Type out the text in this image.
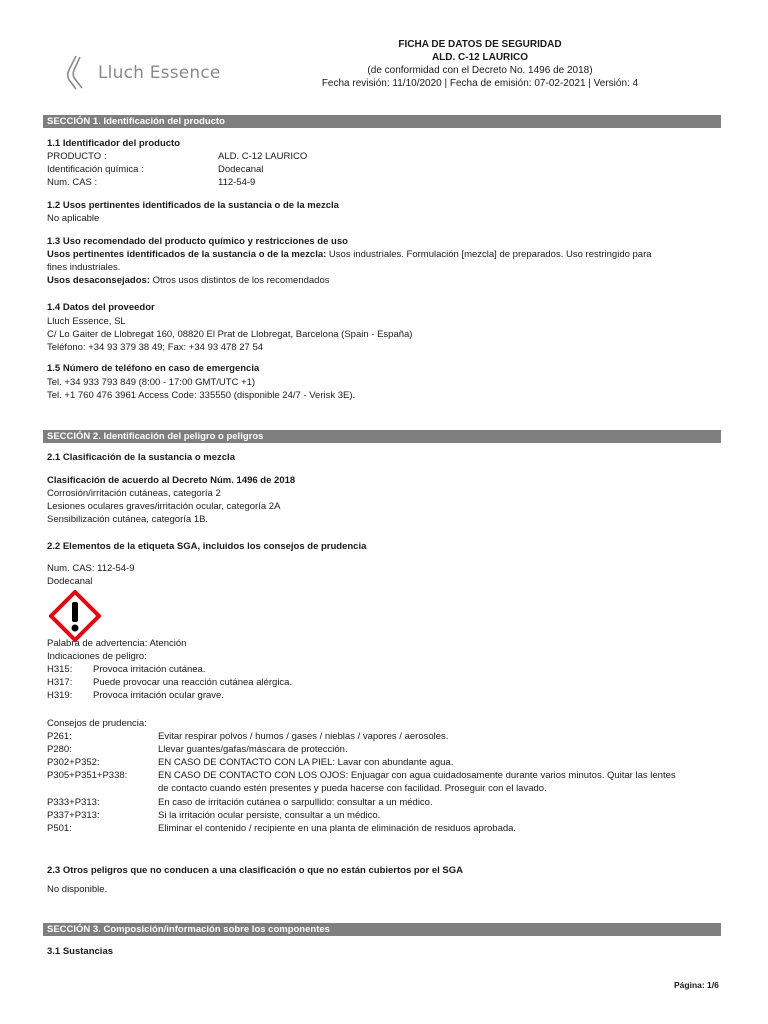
Lluch Essence
FICHA DE DATOS DE SEGURIDAD
ALD. C-12 LAURICO
(de conformidad con el Decreto No. 1496 de 2018)
Fecha revisión: 11/10/2020 | Fecha de emisión: 07-02-2021 | Versión: 4
SECCIÓN 1. Identificación del producto
1.1 Identificador del producto
PRODUCTO :	ALD. C-12 LAURICO
Identificación química :	Dodecanal
Num. CAS :	112-54-9
1.2 Usos pertinentes identificados de la sustancia o de la mezcla
No aplicable
1.3 Uso recomendado del producto químico y restricciones de uso
Usos pertinentes identificados de la sustancia o de la mezcla: Usos industriales. Formulación [mezcla] de preparados. Uso restringido para
fines industriales.
Usos desaconsejados: Otros usos distintos de los recomendados
1.4 Datos del proveedor
Lluch Essence, SL
C/ Lo Gaiter de Llobregat 160, 08820 El Prat de Llobregat, Barcelona (Spain - España)
Teléfono: +34 93 379 38 49; Fax: +34 93 478 27 54
1.5 Número de teléfono en caso de emergencia
Tel. +34 933 793 849 (8:00 - 17:00 GMT/UTC +1)
Tel. +1 760 476 3961 Access Code: 335550 (disponible 24/7 - Verisk 3E).
SECCIÓN 2. Identificación del peligro o peligros
2.1 Clasificación de la sustancia o mezcla
Clasificación de acuerdo al Decreto Núm. 1496 de 2018
Corrosión/irritación cutáneas, categoría 2
Lesiones oculares graves/irritación ocular, categoría 2A
Sensibilización cutánea, categoría 1B.
2.2 Elementos de la etiqueta SGA, incluidos los consejos de prudencia
Num. CAS: 112-54-9
Dodecanal
Palabra de advertencia: Atención
Indicaciones de peligro:
H315: Provoca irritación cutánea.
H317: Puede provocar una reacción cutánea alérgica.
H319: Provoca irritación ocular grave.
Consejos de prudencia:
P261:	Evitar respirar polvos / humos / gases / nieblas / vapores / aerosoles.
P280:	Llevar guantes/gafas/máscara de protección.
P302+P352:	EN CASO DE CONTACTO CON LA PIEL: Lavar con abundante agua.
P305+P351+P338:	EN CASO DE CONTACTO CON LOS OJOS: Enjuagar con agua cuidadosamente durante varios minutos. Quitar las lentes
de contacto cuando estén presentes y pueda hacerse con facilidad. Proseguir con el lavado.
P333+P313:	En caso de irritación cutánea o sarpullido: consultar a un médico.
P337+P313:	Si la irritación ocular persiste, consultar a un médico.
P501:	Eliminar el contenido / recipiente en una planta de eliminación de residuos aprobada.
2.3 Otros peligros que no conducen a una clasificación o que no están cubiertos por el SGA
No disponible.
SECCIÓN 3. Composición/información sobre los componentes
3.1 Sustancias
Página: 1/6
